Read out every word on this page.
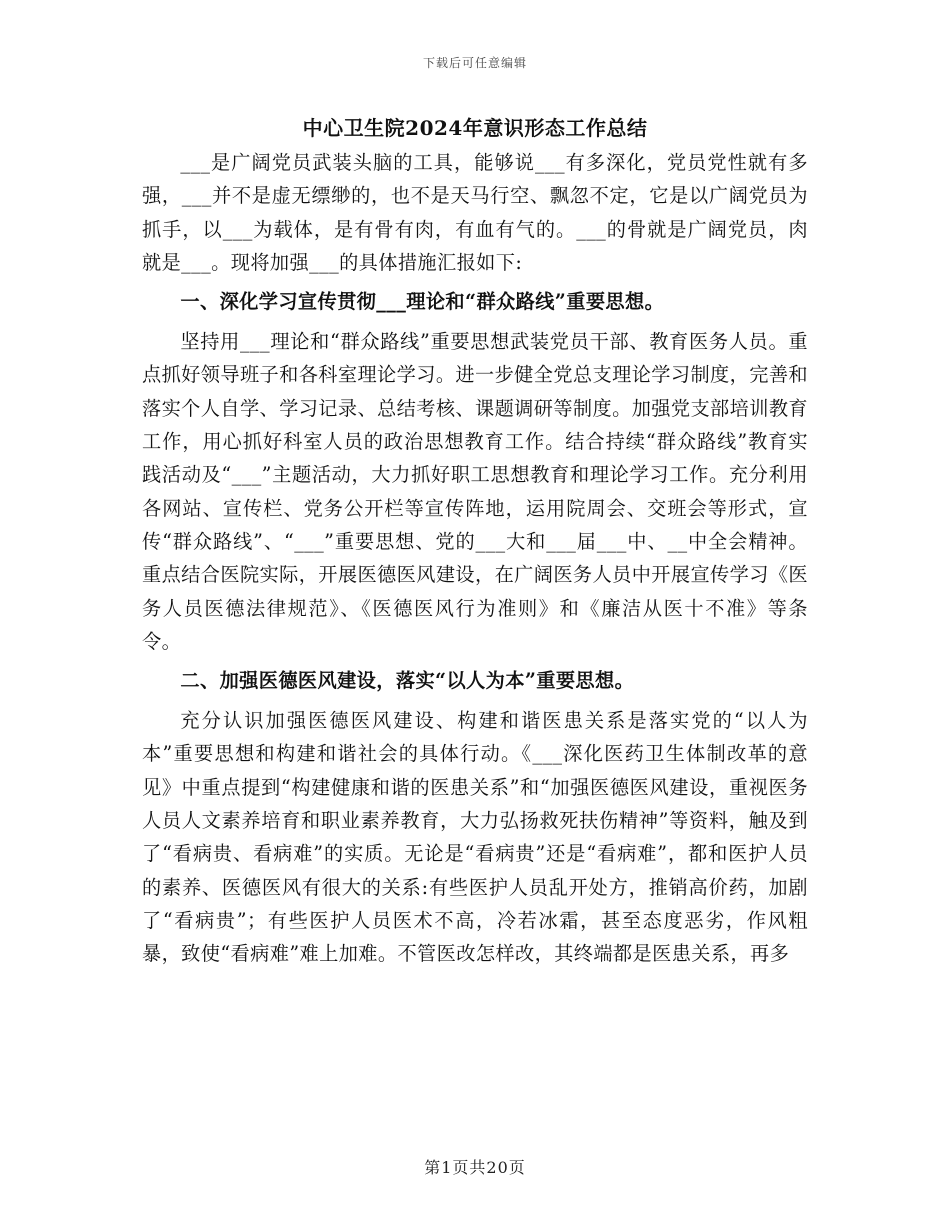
下载后可任意编辑
中心卫生院2024年意识形态工作总结

___是广阔党员武装头脑的工具，能够说___有多深化，党员党性就有多强，___并不是虚无缥缈的，也不是天马行空、飘忽不定，它是以广阔党员为抓手，以___为载体，是有骨有肉，有血有气的。___的骨就是广阔党员，肉就是___。现将加强___的具体措施汇报如下:

一、深化学习宣传贯彻___理论和“群众路线”重要思想。

坚持用___理论和“群众路线”重要思想武装党员干部、教育医务人员。重点抓好领导班子和各科室理论学习。进一步健全党总支理论学习制度，完善和落实个人自学、学习记录、总结考核、课题调研等制度。加强党支部培训教育工作，用心抓好科室人员的政治思想教育工作。结合持续“群众路线”教育实践活动及“___”主题活动，大力抓好职工思想教育和理论学习工作。充分利用各网站、宣传栏、党务公开栏等宣传阵地，运用院周会、交班会等形式，宣传“群众路线”、“___”重要思想、党的___大和___届___中、__中全会精神。重点结合医院实际，开展医德医风建设，在广阔医务人员中开展宣传学习《医务人员医德法律规范》、《医德医风行为准则》和《廉洁从医十不准》等条令。

二、加强医德医风建设，落实“以人为本”重要思想。

充分认识加强医德医风建设、构建和谐医患关系是落实党的“以人为本”重要思想和构建和谐社会的具体行动。《___深化医药卫生体制改革的意见》中重点提到“构建健康和谐的医患关系”和“加强医德医风建设，重视医务人员人文素养培育和职业素养教育，大力弘扬救死扶伤精神”等资料，触及到了“看病贵、看病难”的实质。无论是“看病贵”还是“看病难”，都和医护人员的素养、医德医风有很大的关系:有些医护人员乱开处方，推销高价药，加剧了“看病贵”；有些医护人员医术不高，冷若冰霜，甚至态度恶劣，作风粗暴，致使“看病难”难上加难。不管医改怎样改，其终端都是医患关系，再多

第1页共20页
